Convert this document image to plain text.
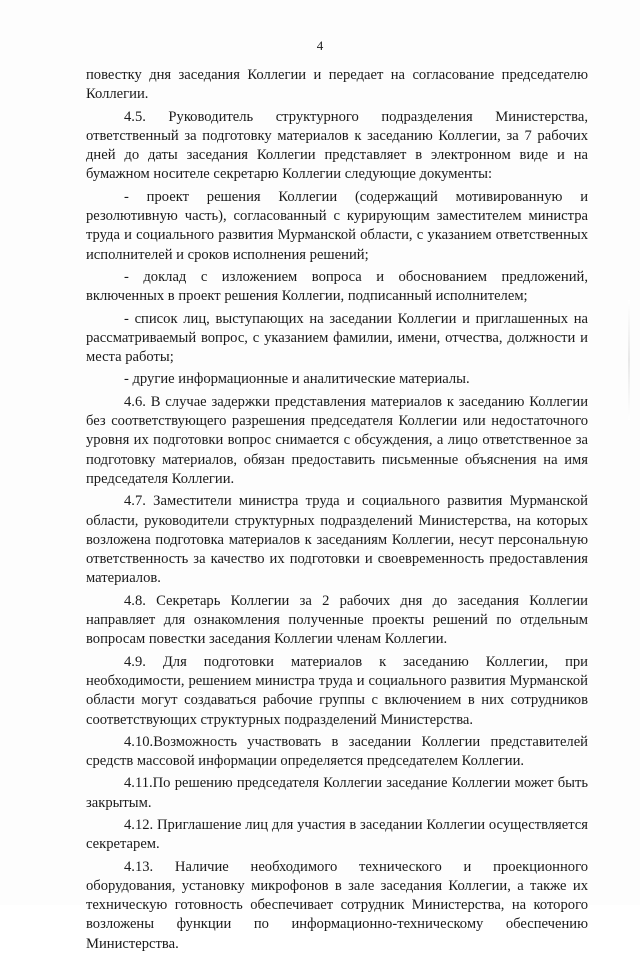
4

повестку дня заседания Коллегии и передает на согласование председателю Коллегии.

4.5. Руководитель структурного подразделения Министерства, ответственный за подготовку материалов к заседанию Коллегии, за 7 рабочих дней до даты заседания Коллегии представляет в электронном виде и на бумажном носителе секретарю Коллегии следующие документы:

- проект решения Коллегии (содержащий мотивированную и резолютивную часть), согласованный с курирующим заместителем министра труда и социального развития Мурманской области, с указанием ответственных исполнителей и сроков исполнения решений;

- доклад с изложением вопроса и обоснованием предложений, включенных в проект решения Коллегии, подписанный исполнителем;

- список лиц, выступающих на заседании Коллегии и приглашенных на рассматриваемый вопрос, с указанием фамилии, имени, отчества, должности и места работы;

- другие информационные и аналитические материалы.

4.6. В случае задержки представления материалов к заседанию Коллегии без соответствующего разрешения председателя Коллегии или недостаточного уровня их подготовки вопрос снимается с обсуждения, а лицо ответственное за подготовку материалов, обязан предоставить письменные объяснения на имя председателя Коллегии.

4.7. Заместители министра труда и социального развития Мурманской области, руководители структурных подразделений Министерства, на которых возложена подготовка материалов к заседаниям Коллегии, несут персональную ответственность за качество их подготовки и своевременность предоставления материалов.

4.8. Секретарь Коллегии за 2 рабочих дня до заседания Коллегии направляет для ознакомления полученные проекты решений по отдельным вопросам повестки заседания Коллегии членам Коллегии.

4.9. Для подготовки материалов к заседанию Коллегии, при необходимости, решением министра труда и социального развития Мурманской области могут создаваться рабочие группы с включением в них сотрудников соответствующих структурных подразделений Министерства.

4.10.Возможность участвовать в заседании Коллегии представителей средств массовой информации определяется председателем Коллегии.

4.11.По решению председателя Коллегии заседание Коллегии может быть закрытым.

4.12. Приглашение лиц для участия в заседании Коллегии осуществляется секретарем.

4.13. Наличие необходимого технического и проекционного оборудования, установку микрофонов в зале заседания Коллегии, а также их техническую готовность обеспечивает сотрудник Министерства, на которого возложены функции по информационно-техническому обеспечению Министерства.
